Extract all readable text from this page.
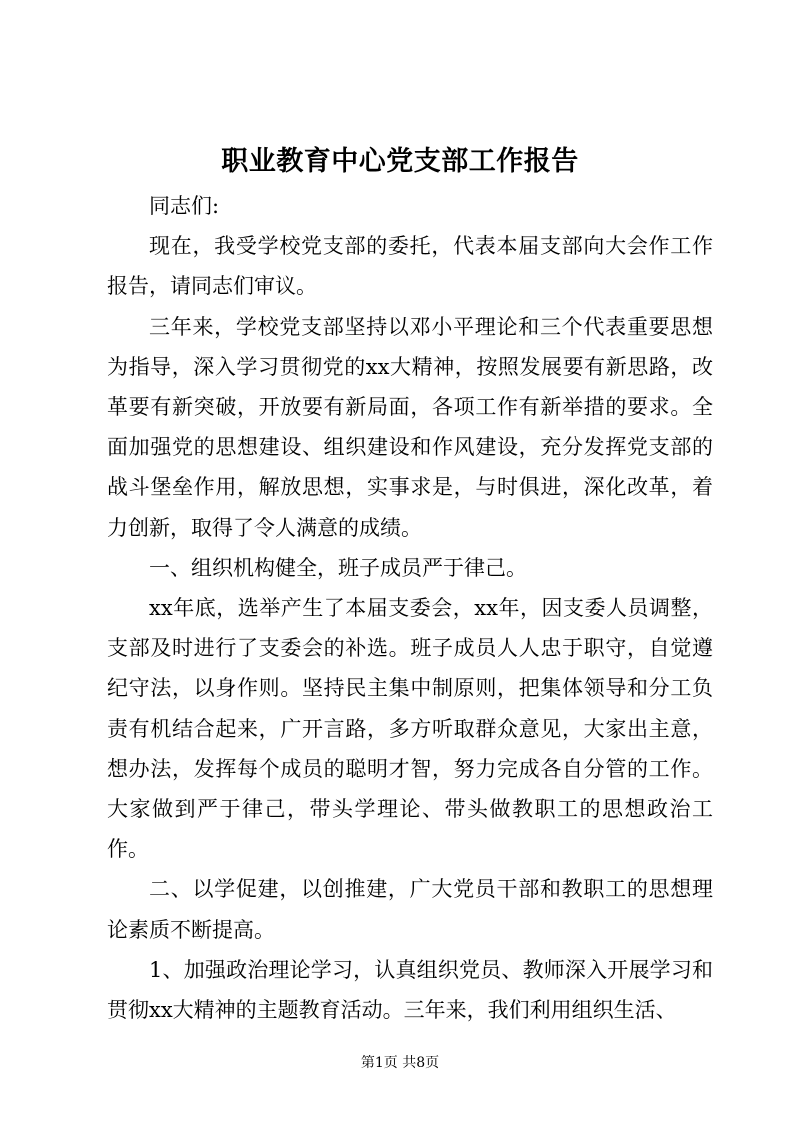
职业教育中心党支部工作报告

同志们:

现在，我受学校党支部的委托，代表本届支部向大会作工作报告，请同志们审议。

三年来，学校党支部坚持以邓小平理论和三个代表重要思想为指导，深入学习贯彻党的xx大精神，按照发展要有新思路，改革要有新突破，开放要有新局面，各项工作有新举措的要求。全面加强党的思想建设、组织建设和作风建设，充分发挥党支部的战斗堡垒作用，解放思想，实事求是，与时俱进，深化改革，着力创新，取得了令人满意的成绩。

一、组织机构健全，班子成员严于律己。

xx年底，选举产生了本届支委会，xx年，因支委人员调整，支部及时进行了支委会的补选。班子成员人人忠于职守，自觉遵纪守法，以身作则。坚持民主集中制原则，把集体领导和分工负责有机结合起来，广开言路，多方听取群众意见，大家出主意，想办法，发挥每个成员的聪明才智，努力完成各自分管的工作。大家做到严于律己，带头学理论、带头做教职工的思想政治工作。

二、以学促建，以创推建，广大党员干部和教职工的思想理论素质不断提高。

1、加强政治理论学习，认真组织党员、教师深入开展学习和贯彻xx大精神的主题教育活动。三年来，我们利用组织生活、

第1页 共8页
